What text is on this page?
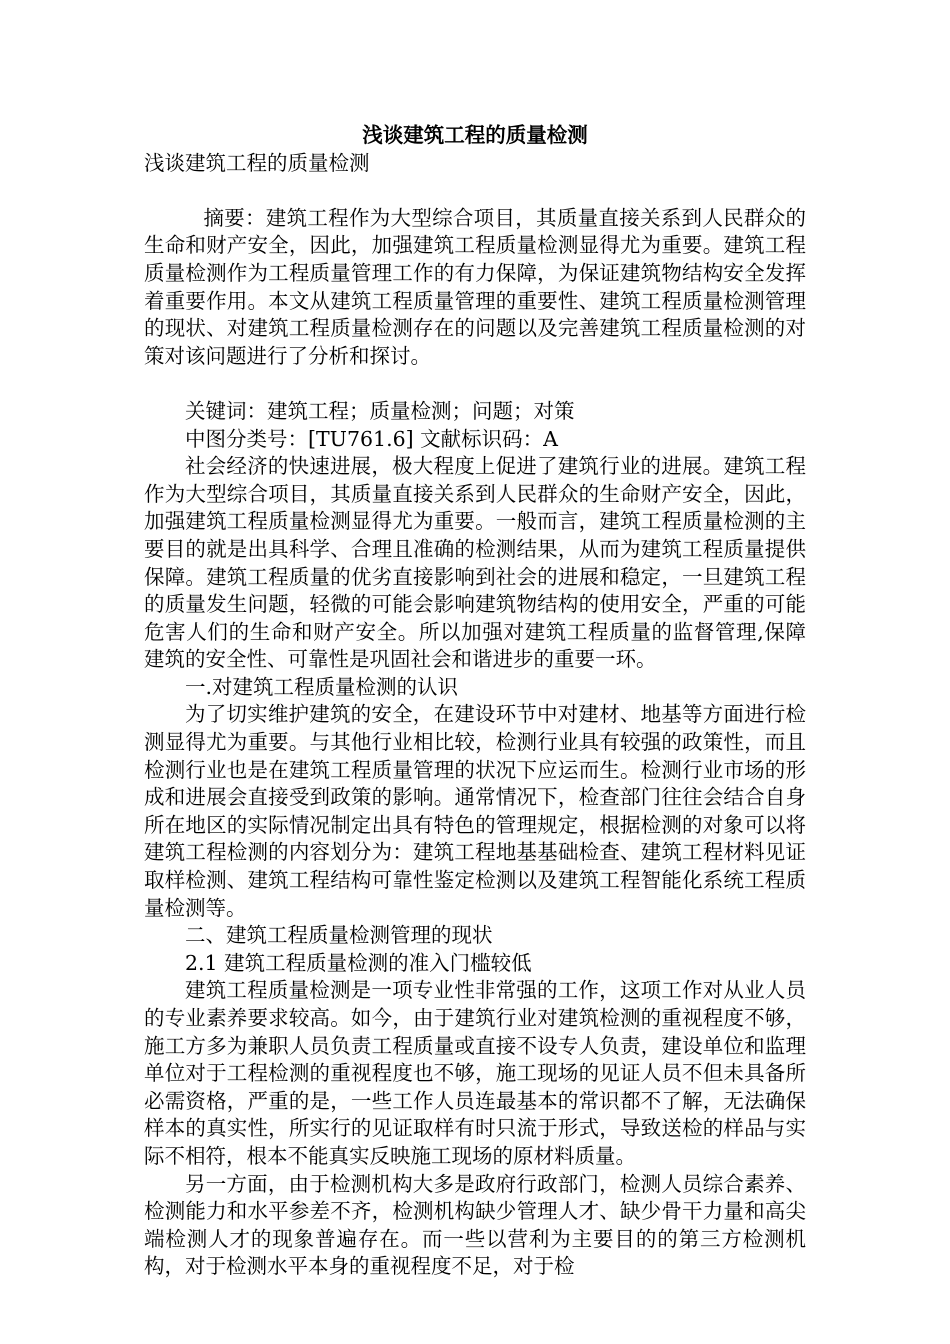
浅谈建筑工程的质量检测

浅谈建筑工程的质量检测

摘要：建筑工程作为大型综合项目，其质量直接关系到人民群众的生命和财产安全，因此，加强建筑工程质量检测显得尤为重要。建筑工程质量检测作为工程质量管理工作的有力保障，为保证建筑物结构安全发挥着重要作用。本文从建筑工程质量管理的重要性、建筑工程质量检测管理的现状、对建筑工程质量检测存在的问题以及完善建筑工程质量检测的对策对该问题进行了分析和探讨。

关键词：建筑工程；质量检测；问题；对策

中图分类号：[TU761.6] 文献标识码：A

社会经济的快速进展，极大程度上促进了建筑行业的进展。建筑工程作为大型综合项目，其质量直接关系到人民群众的生命财产安全，因此，加强建筑工程质量检测显得尤为重要。一般而言，建筑工程质量检测的主要目的就是出具科学、合理且准确的检测结果，从而为建筑工程质量提供保障。建筑工程质量的优劣直接影响到社会的进展和稳定，一旦建筑工程的质量发生问题，轻微的可能会影响建筑物结构的使用安全，严重的可能危害人们的生命和财产安全。所以加强对建筑工程质量的监督管理,保障建筑的安全性、可靠性是巩固社会和谐进步的重要一环。

一.对建筑工程质量检测的认识

为了切实维护建筑的安全，在建设环节中对建材、地基等方面进行检测显得尤为重要。与其他行业相比较，检测行业具有较强的政策性，而且检测行业也是在建筑工程质量管理的状况下应运而生。检测行业市场的形成和进展会直接受到政策的影响。通常情况下，检查部门往往会结合自身所在地区的实际情况制定出具有特色的管理规定，根据检测的对象可以将建筑工程检测的内容划分为：建筑工程地基基础检查、建筑工程材料见证取样检测、建筑工程结构可靠性鉴定检测以及建筑工程智能化系统工程质量检测等。

二、建筑工程质量检测管理的现状

2.1 建筑工程质量检测的准入门槛较低

建筑工程质量检测是一项专业性非常强的工作，这项工作对从业人员的专业素养要求较高。如今，由于建筑行业对建筑检测的重视程度不够，施工方多为兼职人员负责工程质量或直接不设专人负责，建设单位和监理单位对于工程检测的重视程度也不够，施工现场的见证人员不但未具备所必需资格，严重的是，一些工作人员连最基本的常识都不了解，无法确保样本的真实性，所实行的见证取样有时只流于形式，导致送检的样品与实际不相符，根本不能真实反映施工现场的原材料质量。

另一方面，由于检测机构大多是政府行政部门，检测人员综合素养、检测能力和水平参差不齐，检测机构缺少管理人才、缺少骨干力量和高尖端检测人才的现象普遍存在。而一些以营利为主要目的的第三方检测机构，对于检测水平本身的重视程度不足，对于检
